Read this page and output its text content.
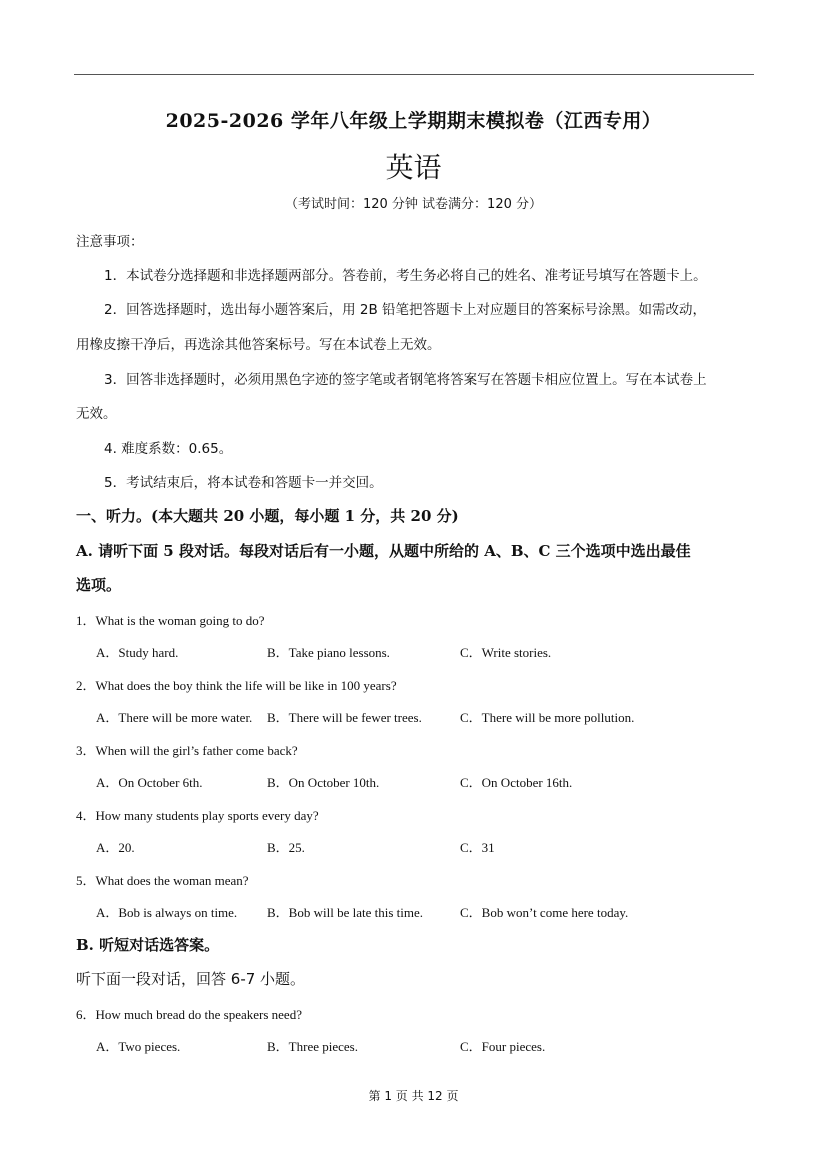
2025-2026 学年八年级上学期期末模拟卷（江西专用）
英语
（考试时间：120 分钟 试卷满分：120 分）
注意事项：
1．本试卷分选择题和非选择题两部分。答卷前，考生务必将自己的姓名、准考证号填写在答题卡上。
2．回答选择题时，选出每小题答案后，用 2B 铅笔把答题卡上对应题目的答案标号涂黑。如需改动，
用橡皮擦干净后，再选涂其他答案标号。写在本试卷上无效。
3．回答非选择题时，必须用黑色字迹的签字笔或者钢笔将答案写在答题卡相应位置上。写在本试卷上
无效。
4. 难度系数：0.65。
5．考试结束后，将本试卷和答题卡一并交回。
一、听力。(本大题共 20 小题，每小题 1 分，共 20 分)
A. 请听下面 5 段对话。每段对话后有一小题，从题中所给的 A、B、C 三个选项中选出最佳
选项。
1．What is the woman going to do?
A．Study hard.	B．Take piano lessons.	C．Write stories.
2．What does the boy think the life will be like in 100 years?
A．There will be more water. B．There will be fewer trees.	C．There will be more pollution.
3．When will the girl’s father come back?
A．On October 6th.	B．On October 10th.	C．On October 16th.
4．How many students play sports every day?
A．20.	B．25.	C．31
5．What does the woman mean?
A．Bob is always on time. B．Bob will be late this time.	C．Bob won’t come here today.
B. 听短对话选答案。
听下面一段对话，回答 6-7 小题。
6．How much bread do the speakers need?
A．Two pieces.	B．Three pieces.	C．Four pieces.
第 1 页 共 12 页
